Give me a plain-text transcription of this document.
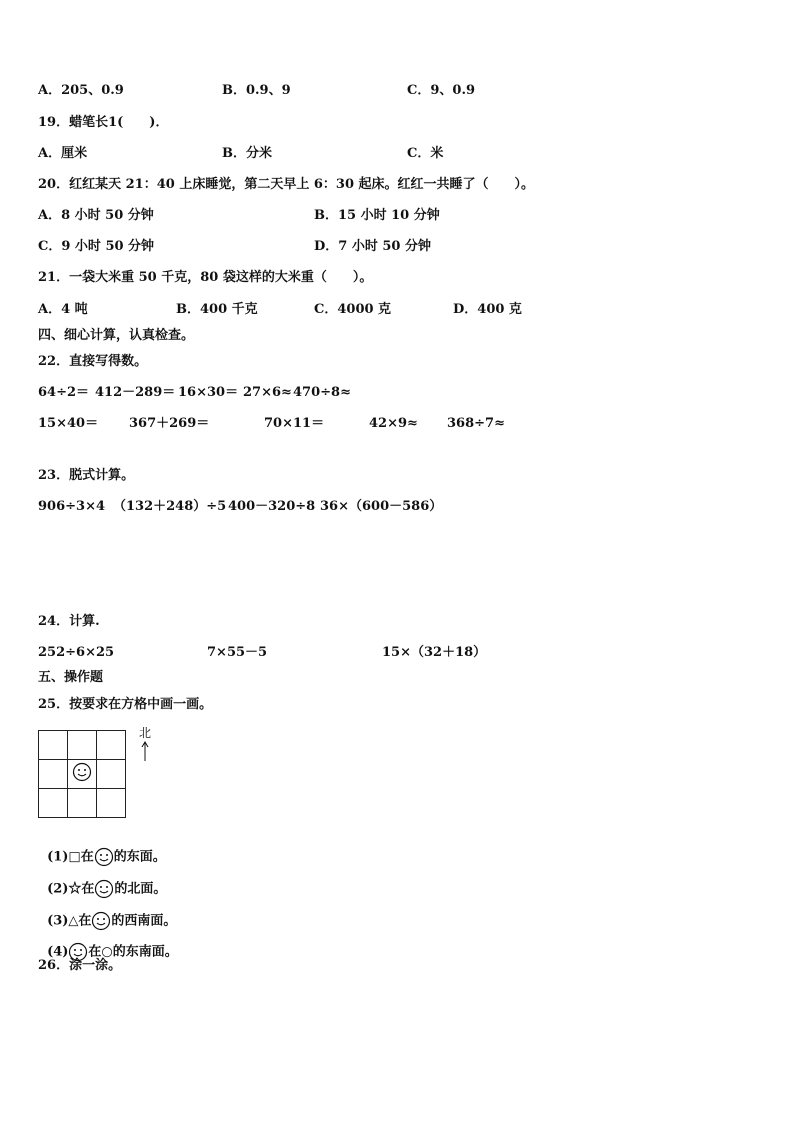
A．205、0.9	B．0.9、9	C．9、0.9
19．蜡笔长1(　　)．
A．厘米	B．分米	C．米
20．红红某天 21：40 上床睡觉，第二天早上 6：30 起床。红红一共睡了（　　）。
A．8 小时 50 分钟	B．15 小时 10 分钟
C．9 小时 50 分钟	D．7 小时 50 分钟
21．一袋大米重 50 千克，80 袋这样的大米重（　　）。
A．4 吨	B．400 千克	C．4000 克	D．400 克
四、细心计算，认真检查。
22．直接写得数。
64÷2＝ 412－289＝ 16×30＝ 27×6≈ 470÷8≈
15×40＝ 367＋269＝	70×11＝	42×9≈ 368÷7≈
23．脱式计算。
906÷3×4 （132＋248）÷5 400－320÷8 36×（600－586）
24．计算.
252÷6×25	7×55－5	15×（32＋18）
五、操作题
25．按要求在方格中画一画。

北

(1)□在 的东面。

(2)☆在 的北面。

(3)△在 的西南面。

(4) 在○的东南面。

26．涂一涂。
